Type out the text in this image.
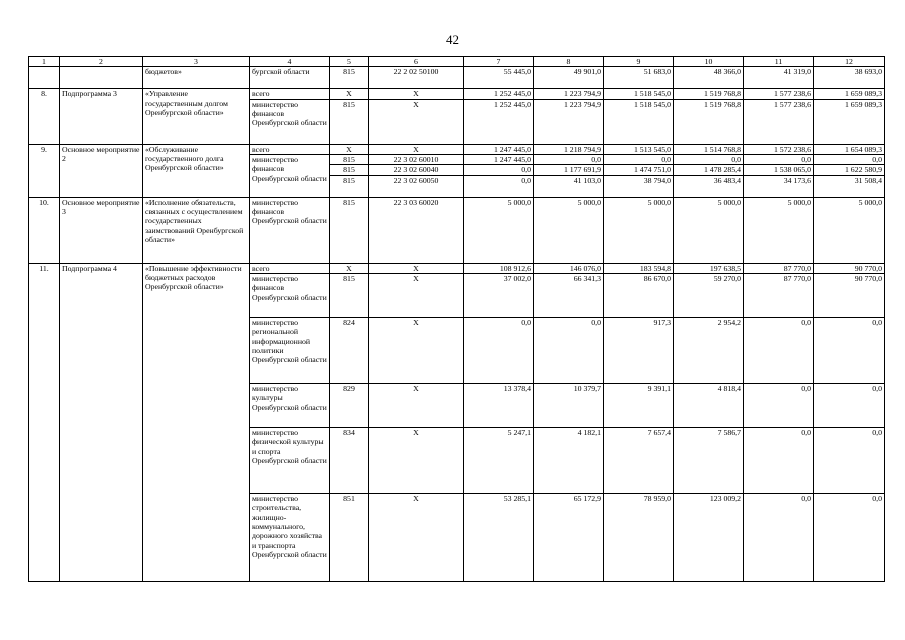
42
1	2	3	4	5	6	7	8	9	10	11	12
		бюджетов»	бургской области	815	22 2 02 50100	55 445,0	49 901,0	51 683,0	48 366,0	41 319,0	38 693,0
8.	Подпрограмма 3	«Управление государственным долгом Оренбургской области»	всего	Х	Х	1 252 445,0	1 223 794,9	1 518 545,0	1 519 768,8	1 577 238,6	1 659 089,3
			министерство финансов Оренбургской области	815	Х	1 252 445,0	1 223 794,9	1 518 545,0	1 519 768,8	1 577 238,6	1 659 089,3
9.	Основное мероприятие 2	«Обслуживание государственного долга Оренбургской области»	всего	Х	Х	1 247 445,0	1 218 794,9	1 513 545,0	1 514 768,8	1 572 238,6	1 654 089,3
			министерство финансов Оренбургской области	815	22 3 02 60010	1 247 445,0	0,0	0,0	0,0	0,0	0,0
				815	22 3 02 60040	0,0	1 177 691,9	1 474 751,0	1 478 285,4	1 538 065,0	1 622 580,9
				815	22 3 02 60050	0,0	41 103,0	38 794,0	36 483,4	34 173,6	31 508,4
10.	Основное мероприятие 3	«Исполнение обязательств, связанных с осуществлением государственных заимствований Оренбургской области»	министерство финансов Оренбургской области	815	22 3 03 60020	5 000,0	5 000,0	5 000,0	5 000,0	5 000,0	5 000,0
11.	Подпрограмма 4	«Повышение эффективности бюджетных расходов Оренбургской области»	всего	Х	Х	108 912,6	146 076,0	183 594,8	197 638,5	87 770,0	90 770,0
			министерство финансов Оренбургской области	815	Х	37 002,0	66 341,3	86 670,0	59 270,0	87 770,0	90 770,0
			министерство региональной информационной политики Оренбургской области	824	Х	0,0	0,0	917,3	2 954,2	0,0	0,0
			министерство культуры Оренбургской области	829	Х	13 378,4	10 379,7	9 391,1	4 818,4	0,0	0,0
			министерство физической культуры и спорта Оренбургской области	834	Х	5 247,1	4 182,1	7 657,4	7 586,7	0,0	0,0
			министерство строительства, жилищно-коммунального, дорожного хозяйства и транспорта Оренбургской области	851	Х	53 285,1	65 172,9	78 959,0	123 009,2	0,0	0,0
